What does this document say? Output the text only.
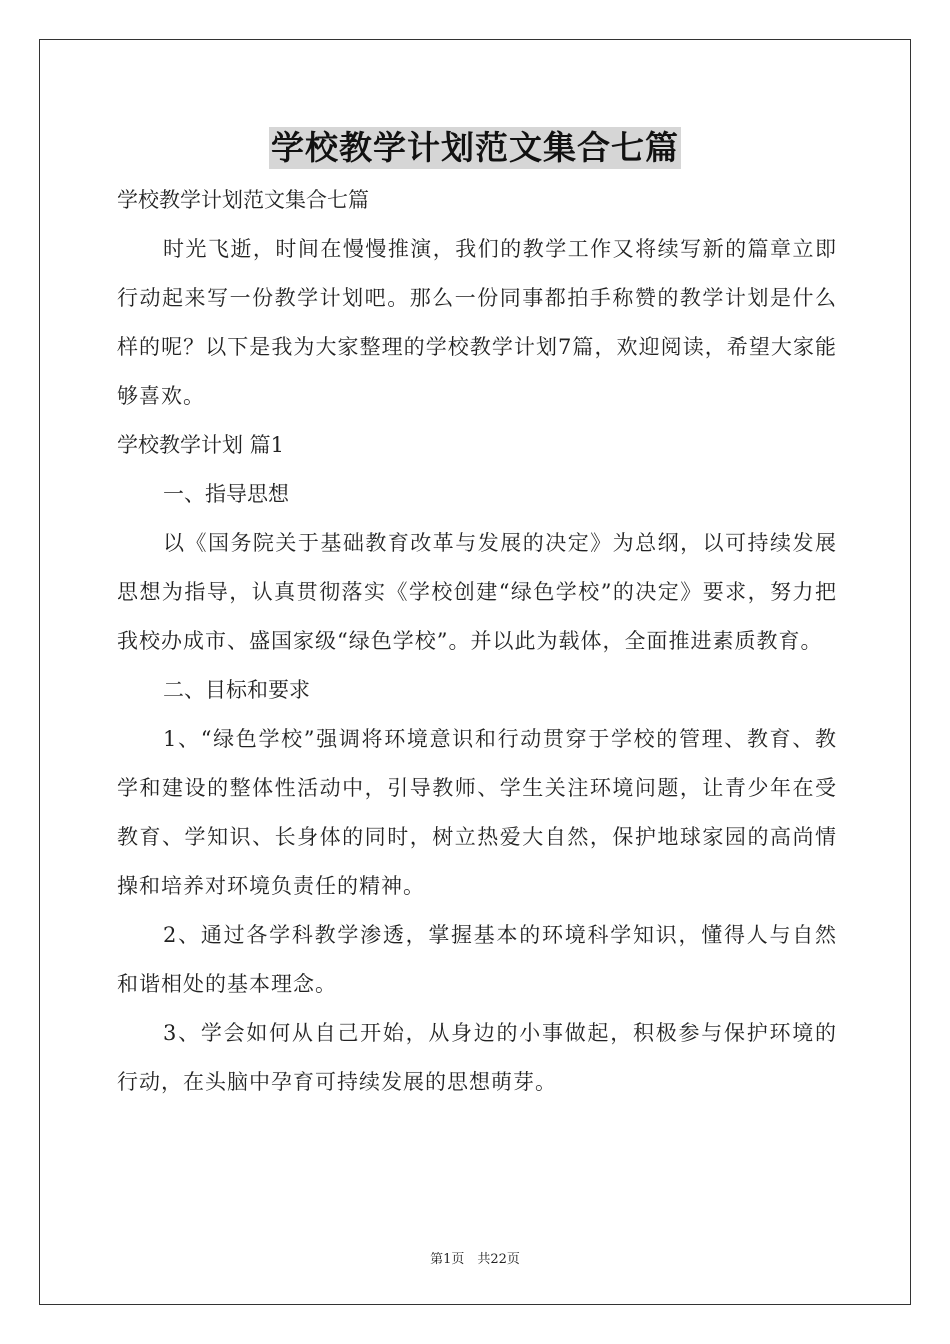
学校教学计划范文集合七篇

学校教学计划范文集合七篇

时光飞逝，时间在慢慢推演，我们的教学工作又将续写新的篇章立即行动起来写一份教学计划吧。那么一份同事都拍手称赞的教学计划是什么样的呢？以下是我为大家整理的学校教学计划7篇，欢迎阅读，希望大家能够喜欢。

学校教学计划 篇1

一、指导思想

以《国务院关于基础教育改革与发展的决定》为总纲，以可持续发展思想为指导，认真贯彻落实《学校创建“绿色学校”的决定》要求，努力把我校办成市、盛国家级“绿色学校”。并以此为载体，全面推进素质教育。

二、目标和要求

1、“绿色学校”强调将环境意识和行动贯穿于学校的管理、教育、教学和建设的整体性活动中，引导教师、学生关注环境问题，让青少年在受教育、学知识、长身体的同时，树立热爱大自然，保护地球家园的高尚情操和培养对环境负责任的精神。

2、通过各学科教学渗透，掌握基本的环境科学知识，懂得人与自然和谐相处的基本理念。

3、学会如何从自己开始，从身边的小事做起，积极参与保护环境的行动，在头脑中孕育可持续发展的思想萌芽。

第1页　共22页
